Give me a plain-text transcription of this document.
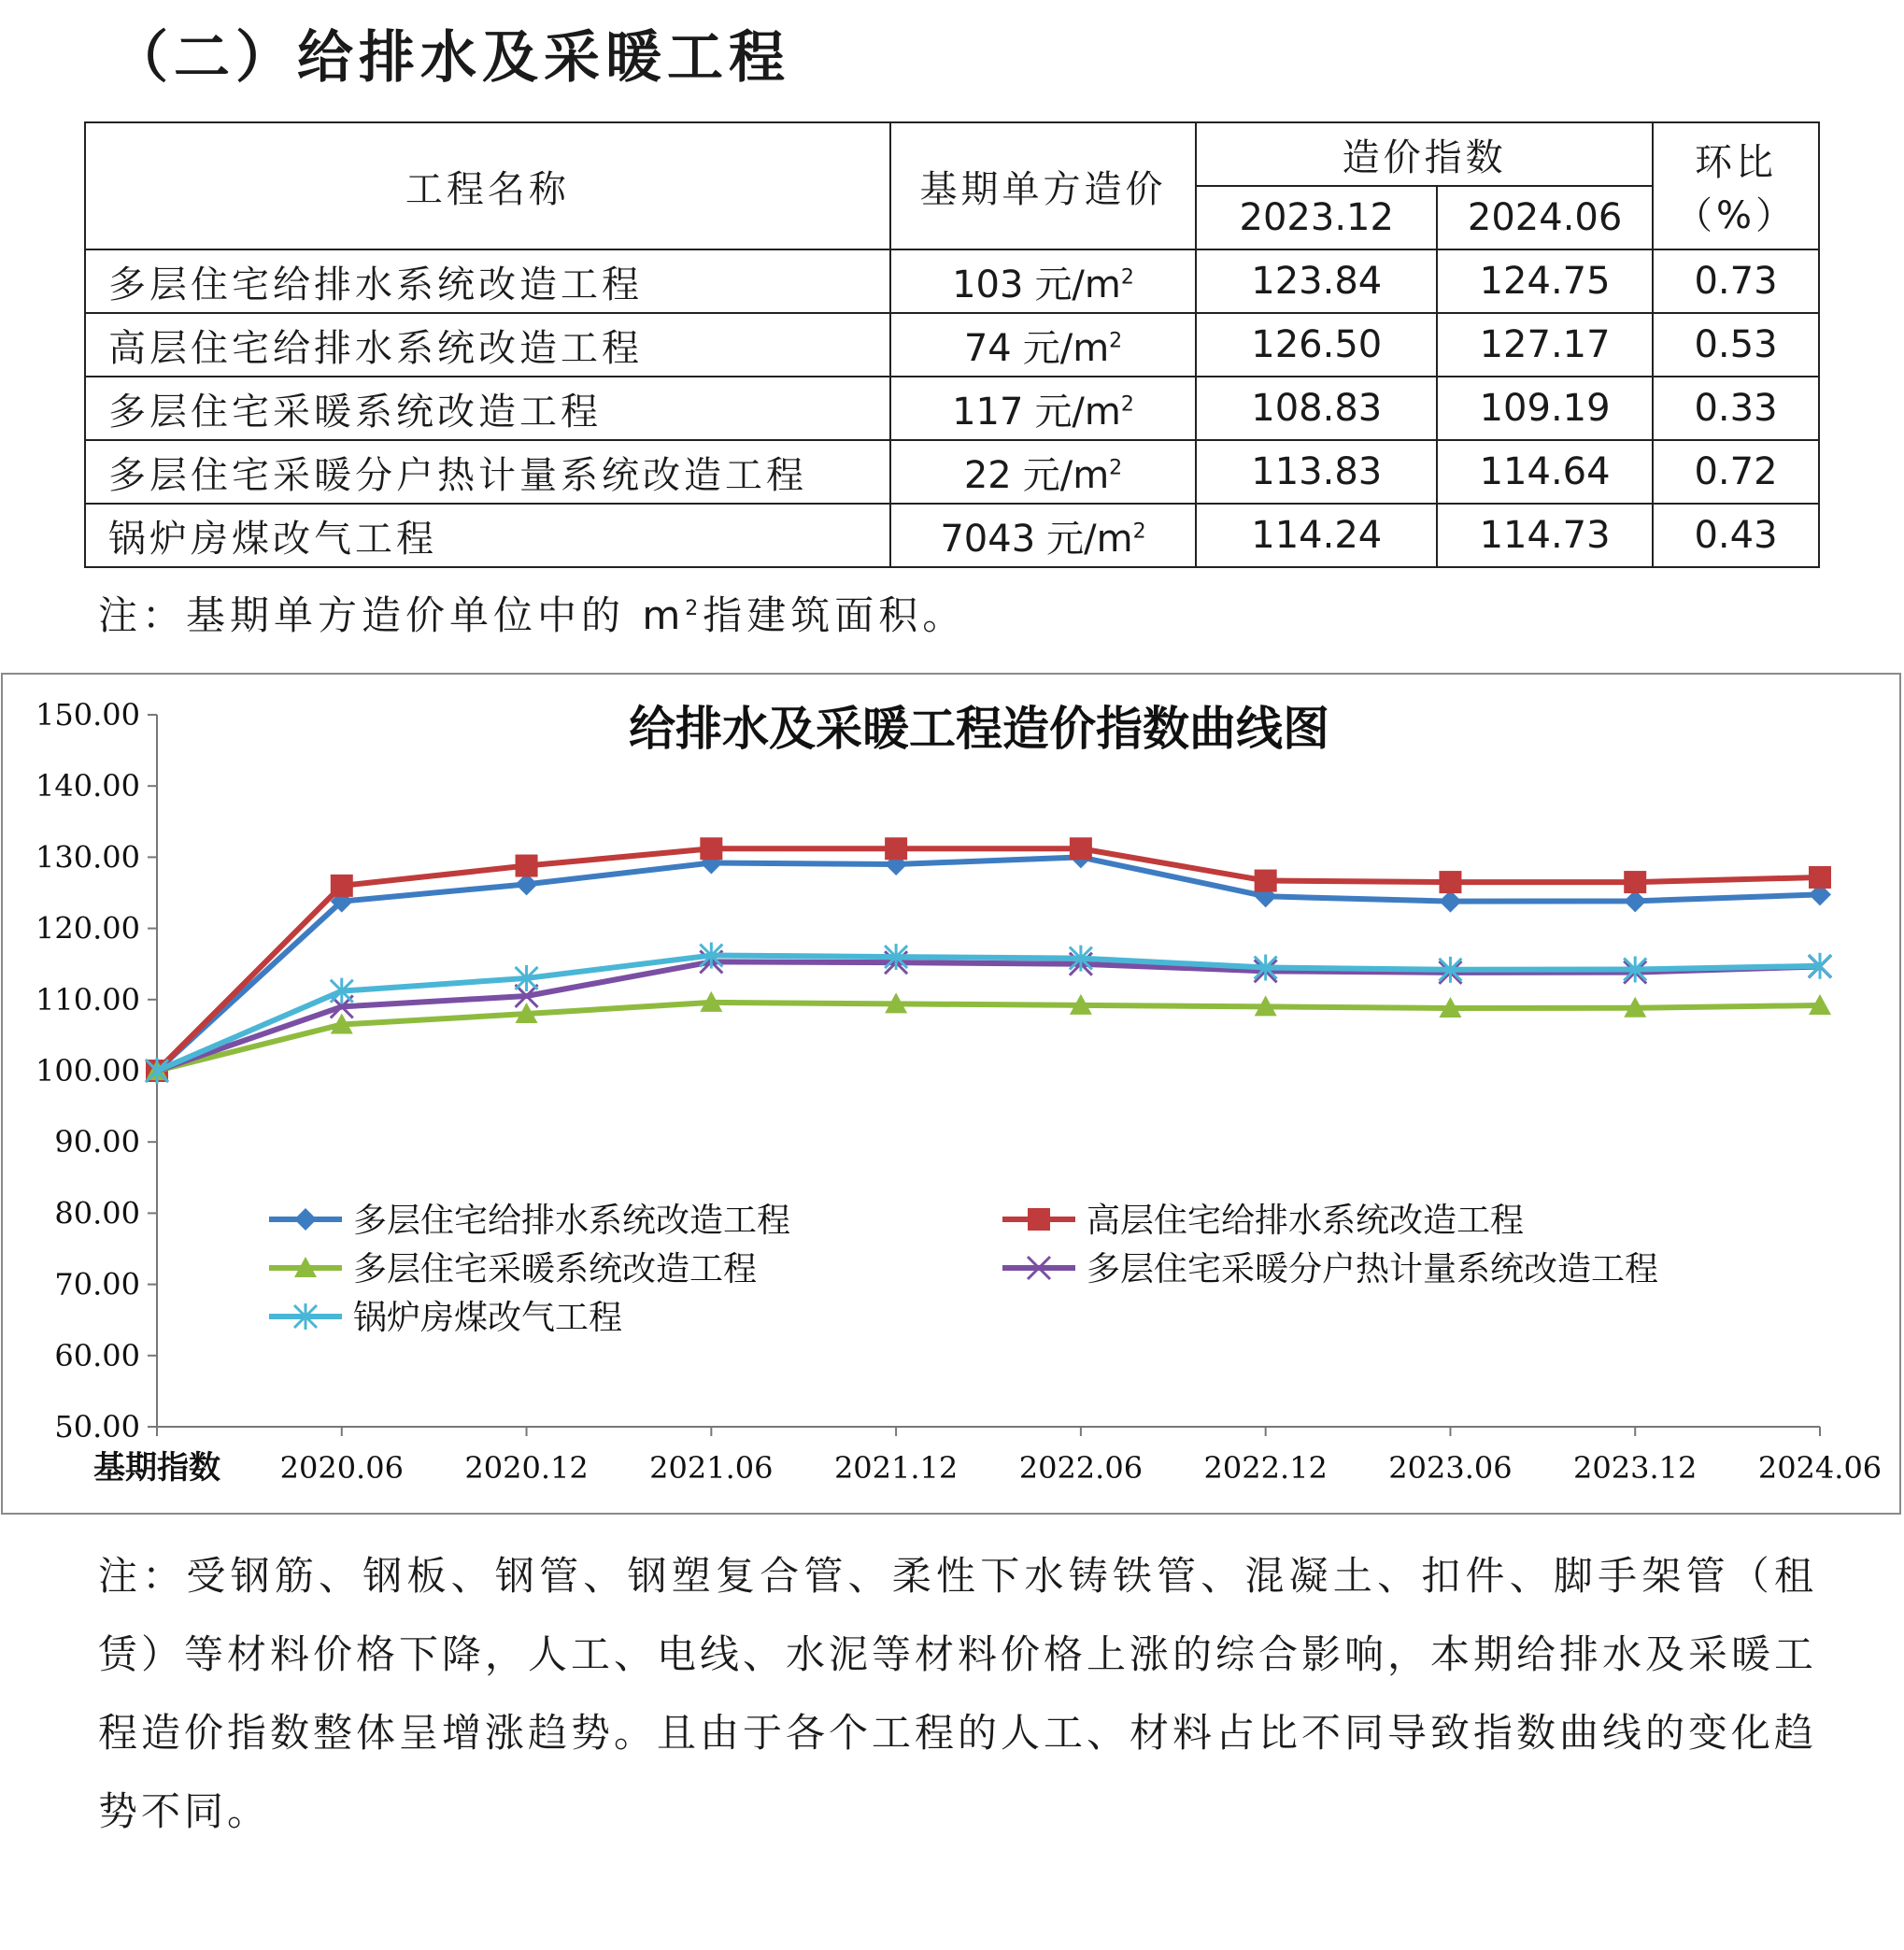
（二）给排水及采暖工程
工程名称	基期单方造价	造价指数		环比
（%）

		2023.12	2024.06	
多层住宅给排水系统改造工程	103 元$/m^2$	123.84	124.75	0.73
高层住宅给排水系统改造工程	74 元$/m^2$	126.50	127.17	0.53
多层住宅采暖系统改造工程	117 元$/m^2$	108.83	109.19	0.33
多层住宅采暖分户热计量系统改造工程	22 元$/m^2$	113.83	114.64	0.72
锅炉房煤改气工程	7043 元$/m^2$	114.24	114.73	0.43
注：基期单方造价单位中的 $m^2$指建筑面积。
50.00
60.00
70.00
80.00
90.00
100.00
110.00
120.00
130.00
140.00
150.00
基期指数 2020.06 2020.12 2021.06 2021.12 2022.06 2022.12 2023.06 2023.12 2024.06
给排水及采暖工程造价指数曲线图
多层住宅给排水系统改造工程	高层住宅给排水系统改造工程
多层住宅采暖系统改造工程	多层住宅采暖分户热计量系统改造工程
锅炉房煤改气工程
注：受钢筋、钢板、钢管、钢塑复合管、柔性下水铸铁管、混凝土、扣件、脚手架管（租赁）等材料价格下降，人工、电线、水泥等材料价格上涨的综合影响，本期给排水及采暖工程造价指数整体呈增涨趋势。且由于各个工程的人工、材料占比不同导致指数曲线的变化趋势不同。
